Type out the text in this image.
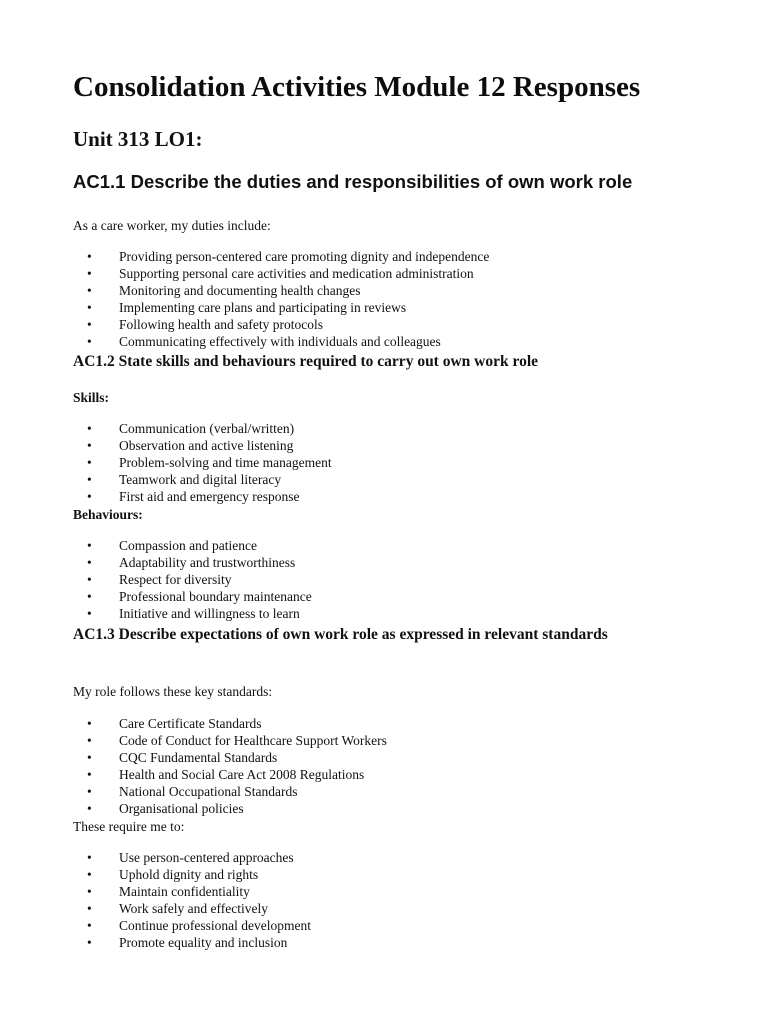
Consolidation Activities Module 12 Responses
Unit 313 LO1:
AC1.1 Describe the duties and responsibilities of own work role

As a care worker, my duties include:

• Providing person-centered care promoting dignity and independence
• Supporting personal care activities and medication administration
• Monitoring and documenting health changes
• Implementing care plans and participating in reviews
• Following health and safety protocols
• Communicating effectively with individuals and colleagues
AC1.2 State skills and behaviours required to carry out own work role

Skills:

• Communication (verbal/written)
• Observation and active listening
• Problem-solving and time management
• Teamwork and digital literacy
• First aid and emergency response

Behaviours:

• Compassion and patience
• Adaptability and trustworthiness
• Respect for diversity
• Professional boundary maintenance
• Initiative and willingness to learn
AC1.3 Describe expectations of own work role as expressed in relevant standards

My role follows these key standards:

• Care Certificate Standards
• Code of Conduct for Healthcare Support Workers
• CQC Fundamental Standards
• Health and Social Care Act 2008 Regulations
• National Occupational Standards
• Organisational policies

These require me to:

• Use person-centered approaches
• Uphold dignity and rights
• Maintain confidentiality
• Work safely and effectively
• Continue professional development
• Promote equality and inclusion
